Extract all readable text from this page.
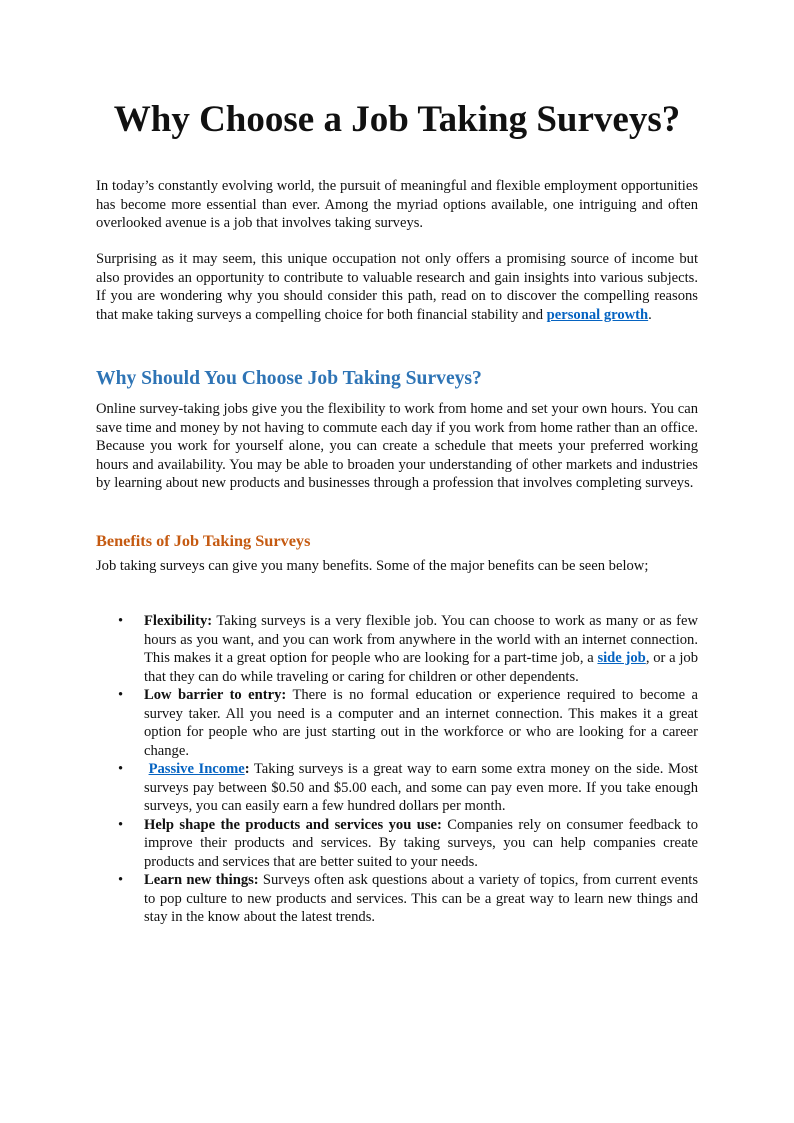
Why Choose a Job Taking Surveys?

In today’s constantly evolving world, the pursuit of meaningful and flexible employment opportunities has become more essential than ever. Among the myriad options available, one intriguing and often overlooked avenue is a job that involves taking surveys.

Surprising as it may seem, this unique occupation not only offers a promising source of income but also provides an opportunity to contribute to valuable research and gain insights into various subjects. If you are wondering why you should consider this path, read on to discover the compelling reasons that make taking surveys a compelling choice for both financial stability and personal growth.

Why Should You Choose Job Taking Surveys?

Online survey-taking jobs give you the flexibility to work from home and set your own hours. You can save time and money by not having to commute each day if you work from home rather than an office. Because you work for yourself alone, you can create a schedule that meets your preferred working hours and availability. You may be able to broaden your understanding of other markets and industries by learning about new products and businesses through a profession that involves completing surveys.

Benefits of Job Taking Surveys

Job taking surveys can give you many benefits. Some of the major benefits can be seen below;

• Flexibility: Taking surveys is a very flexible job. You can choose to work as many or as few hours as you want, and you can work from anywhere in the world with an internet connection. This makes it a great option for people who are looking for a part-time job, a side job, or a job that they can do while traveling or caring for children or other dependents.
• Low barrier to entry: There is no formal education or experience required to become a survey taker. All you need is a computer and an internet connection. This makes it a great option for people who are just starting out in the workforce or who are looking for a career change.
• Passive Income: Taking surveys is a great way to earn some extra money on the side. Most surveys pay between $0.50 and $5.00 each, and some can pay even more. If you take enough surveys, you can easily earn a few hundred dollars per month.
• Help shape the products and services you use: Companies rely on consumer feedback to improve their products and services. By taking surveys, you can help companies create products and services that are better suited to your needs.
• Learn new things: Surveys often ask questions about a variety of topics, from current events to pop culture to new products and services. This can be a great way to learn new things and stay in the know about the latest trends.
